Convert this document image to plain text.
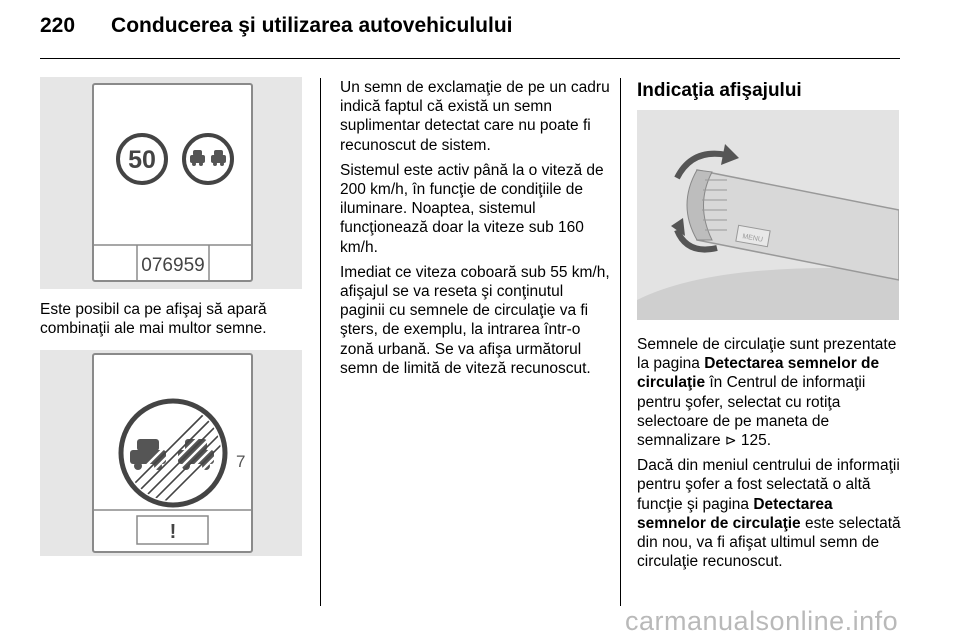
220 Conducerea şi utilizarea autovehiculului
50
076959

Este posibil ca pe afişaj să apară combinaţii ale mai multor semne.

7
!

Un semn de exclamaţie de pe un cadru indică faptul că există un semn suplimentar detectat care nu poate fi recunoscut de sistem.

Sistemul este activ până la o viteză de 200 km/h, în funcţie de condiţiile de iluminare. Noaptea, sistemul funcţionează doar la viteze sub 160 km/h.

Imediat ce viteza coboară sub 55 km/h, afişajul se va reseta şi conţinutul paginii cu semnele de circulaţie va fi şters, de exemplu, la intrarea într-o zonă urbană. Se va afişa următorul semn de limită de viteză recunoscut.

Indicaţia afişajului
MENU

Semnele de circulaţie sunt prezentate la pagina Detectarea semnelor de circulaţie în Centrul de informaţii pentru şofer, selectat cu rotiţa selectoare de pe maneta de semnalizare ⊳ 125.

Dacă din meniul centrului de informaţii pentru şofer a fost selectată o altă funcţie şi pagina Detectarea semnelor de circulaţie este selectată din nou, va fi afişat ultimul semn de circulaţie recunoscut.

carmanualsonline.info
